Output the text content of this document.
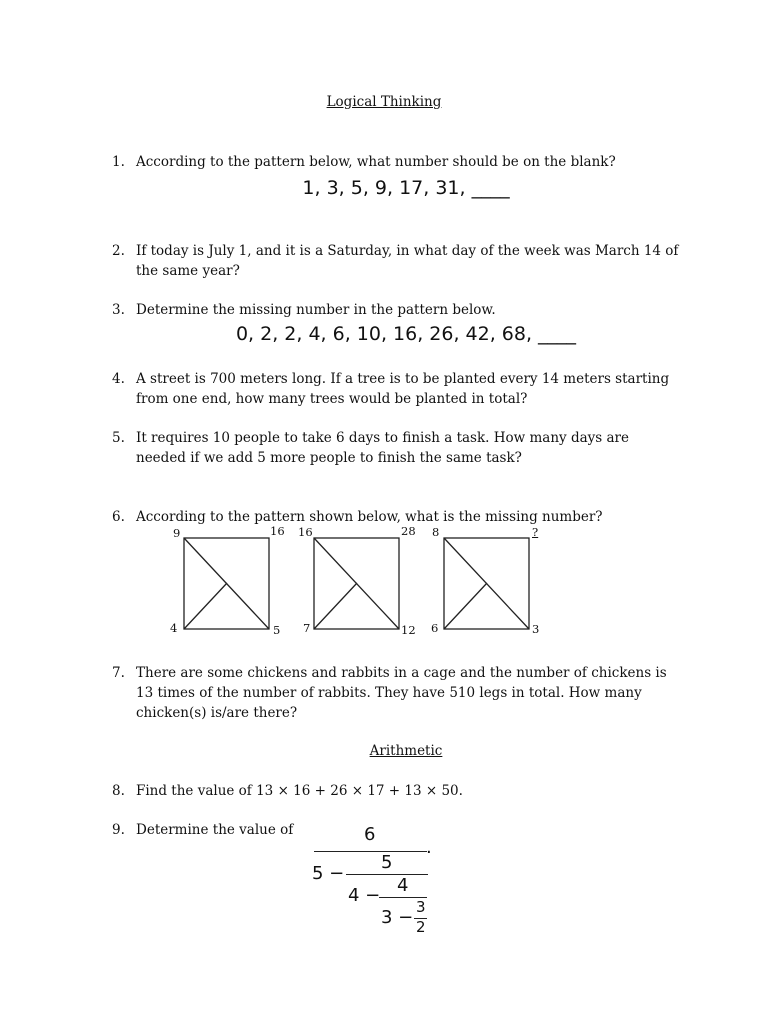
Logical Thinking
1. According to the pattern below, what number should be on the blank?
1, 3, 5, 9, 17, 31, ____
2. If today is July 1, and it is a Saturday, in what day of the week was March 14 of the same year?
3. Determine the missing number in the pattern below.
0, 2, 2, 4, 6, 10, 16, 26, 42, 68, ____
4. A street is 700 meters long. If a tree is to be planted every 14 meters starting from one end, how many trees would be planted in total?
5. It requires 10 people to take 6 days to finish a task. How many days are needed if we add 5 more people to finish the same task?
6. According to the pattern shown below, what is the missing number?
9	16
4	5
16	28
7	12
8	?
6	3
7. There are some chickens and rabbits in a cage and the number of chickens is 13 times of the number of rabbits. They have 510 legs in total. How many chicken(s) is/are there?
Arithmetic
8. Find the value of 13 × 16 + 26 × 17 + 13 × 50.
9. Determine the value of	6
.
5 −
5
4 − 4
3 − 3
2
